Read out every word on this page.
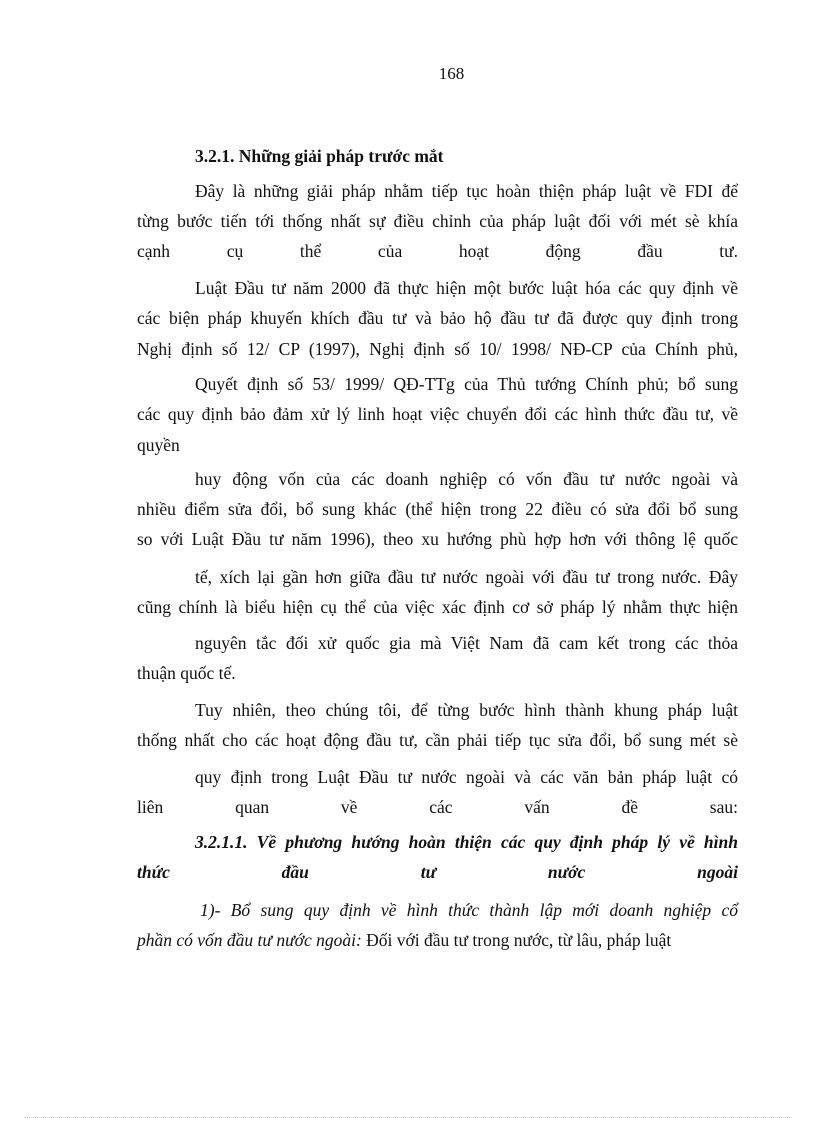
168
3.2.1. Những giải pháp trước mắt
Đây là những giải pháp nhằm tiếp tục hoàn thiện pháp luật về FDI để
từng bước tiến tới thống nhất sự điều chỉnh của pháp luật đối với mét sè khía
cạnh cụ thể của hoạt động đầu tư.
Luật Đầu tư năm 2000 đã thực hiện một bước luật hóa các quy định về
các biện pháp khuyến khích đầu tư và bảo hộ đầu tư đã được quy định trong
Nghị định số 12/ CP (1997), Nghị định số 10/ 1998/ NĐ-CP của Chính phủ,
Quyết định số 53/ 1999/ QĐ-TTg của Thủ tướng Chính phủ; bổ sung
các quy định bảo đảm xử lý linh hoạt việc chuyển đổi các hình thức đầu tư, về
quyền
huy động vốn của các doanh nghiệp có vốn đầu tư nước ngoài và
nhiều điểm sửa đổi, bổ sung khác (thể hiện trong 22 điều có sửa đổi bổ sung
so với Luật Đầu tư năm 1996), theo xu hướng phù hợp hơn với thông lệ quốc
tế, xích lại gần hơn giữa đầu tư nước ngoài với đầu tư trong nước. Đây
cũng chính là biểu hiện cụ thể của việc xác định cơ sở pháp lý nhằm thực hiện
nguyên tắc đối xử quốc gia mà Việt Nam đã cam kết trong các thỏa
thuận quốc tế.
Tuy nhiên, theo chúng tôi, để từng bước hình thành khung pháp luật
thống nhất cho các hoạt động đầu tư, cần phải tiếp tục sửa đổi, bổ sung mét sè
quy định trong Luật Đầu tư nước ngoài và các văn bản pháp luật có
liên quan về các vấn đề sau:
3.2.1.1. Về phương hướng hoàn thiện các quy định pháp lý về hình
thức đầu tư nước ngoài
1)- Bổ sung quy định về hình thức thành lập mới doanh nghiệp cổ
phần có vốn đầu tư nước ngoài: Đối với đầu tư trong nước, từ lâu, pháp luật
